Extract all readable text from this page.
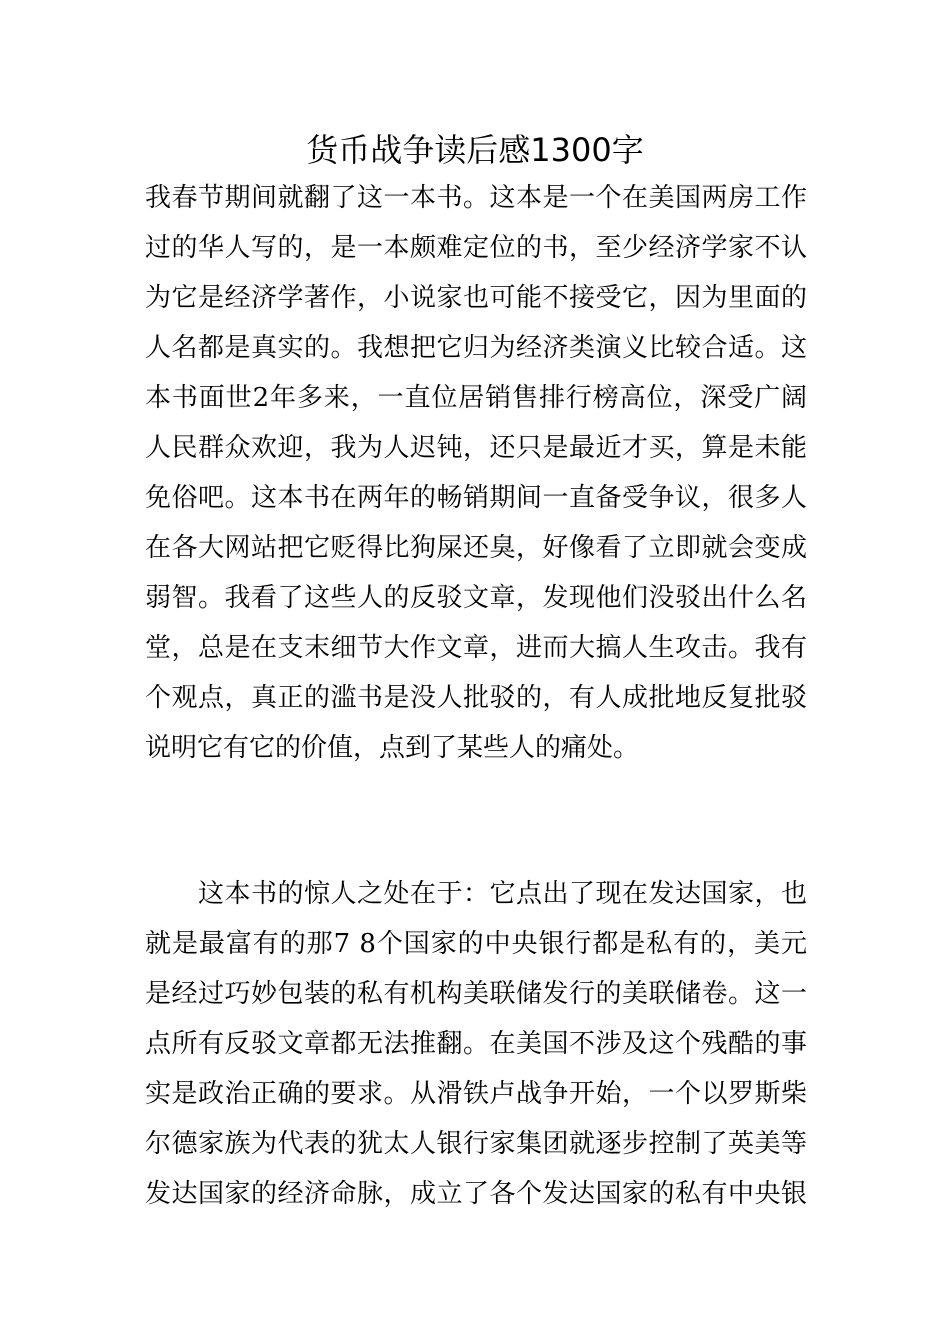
货币战争读后感1300字
我春节期间就翻了这一本书。这本是一个在美国两房工作
过的华人写的，是一本颇难定位的书，至少经济学家不认
为它是经济学著作，小说家也可能不接受它，因为里面的
人名都是真实的。我想把它归为经济类演义比较合适。这
本书面世2年多来，一直位居销售排行榜高位，深受广阔
人民群众欢迎，我为人迟钝，还只是最近才买，算是未能
免俗吧。这本书在两年的畅销期间一直备受争议，很多人
在各大网站把它贬得比狗屎还臭，好像看了立即就会变成
弱智。我看了这些人的反驳文章，发现他们没驳出什么名
堂，总是在支末细节大作文章，进而大搞人生攻击。我有
个观点，真正的滥书是没人批驳的，有人成批地反复批驳
说明它有它的价值，点到了某些人的痛处。
　　这本书的惊人之处在于：它点出了现在发达国家，也
就是最富有的那7 8个国家的中央银行都是私有的，美元
是经过巧妙包装的私有机构美联储发行的美联储卷。这一
点所有反驳文章都无法推翻。在美国不涉及这个残酷的事
实是政治正确的要求。从滑铁卢战争开始，一个以罗斯柴
尔德家族为代表的犹太人银行家集团就逐步控制了英美等
发达国家的经济命脉，成立了各个发达国家的私有中央银
